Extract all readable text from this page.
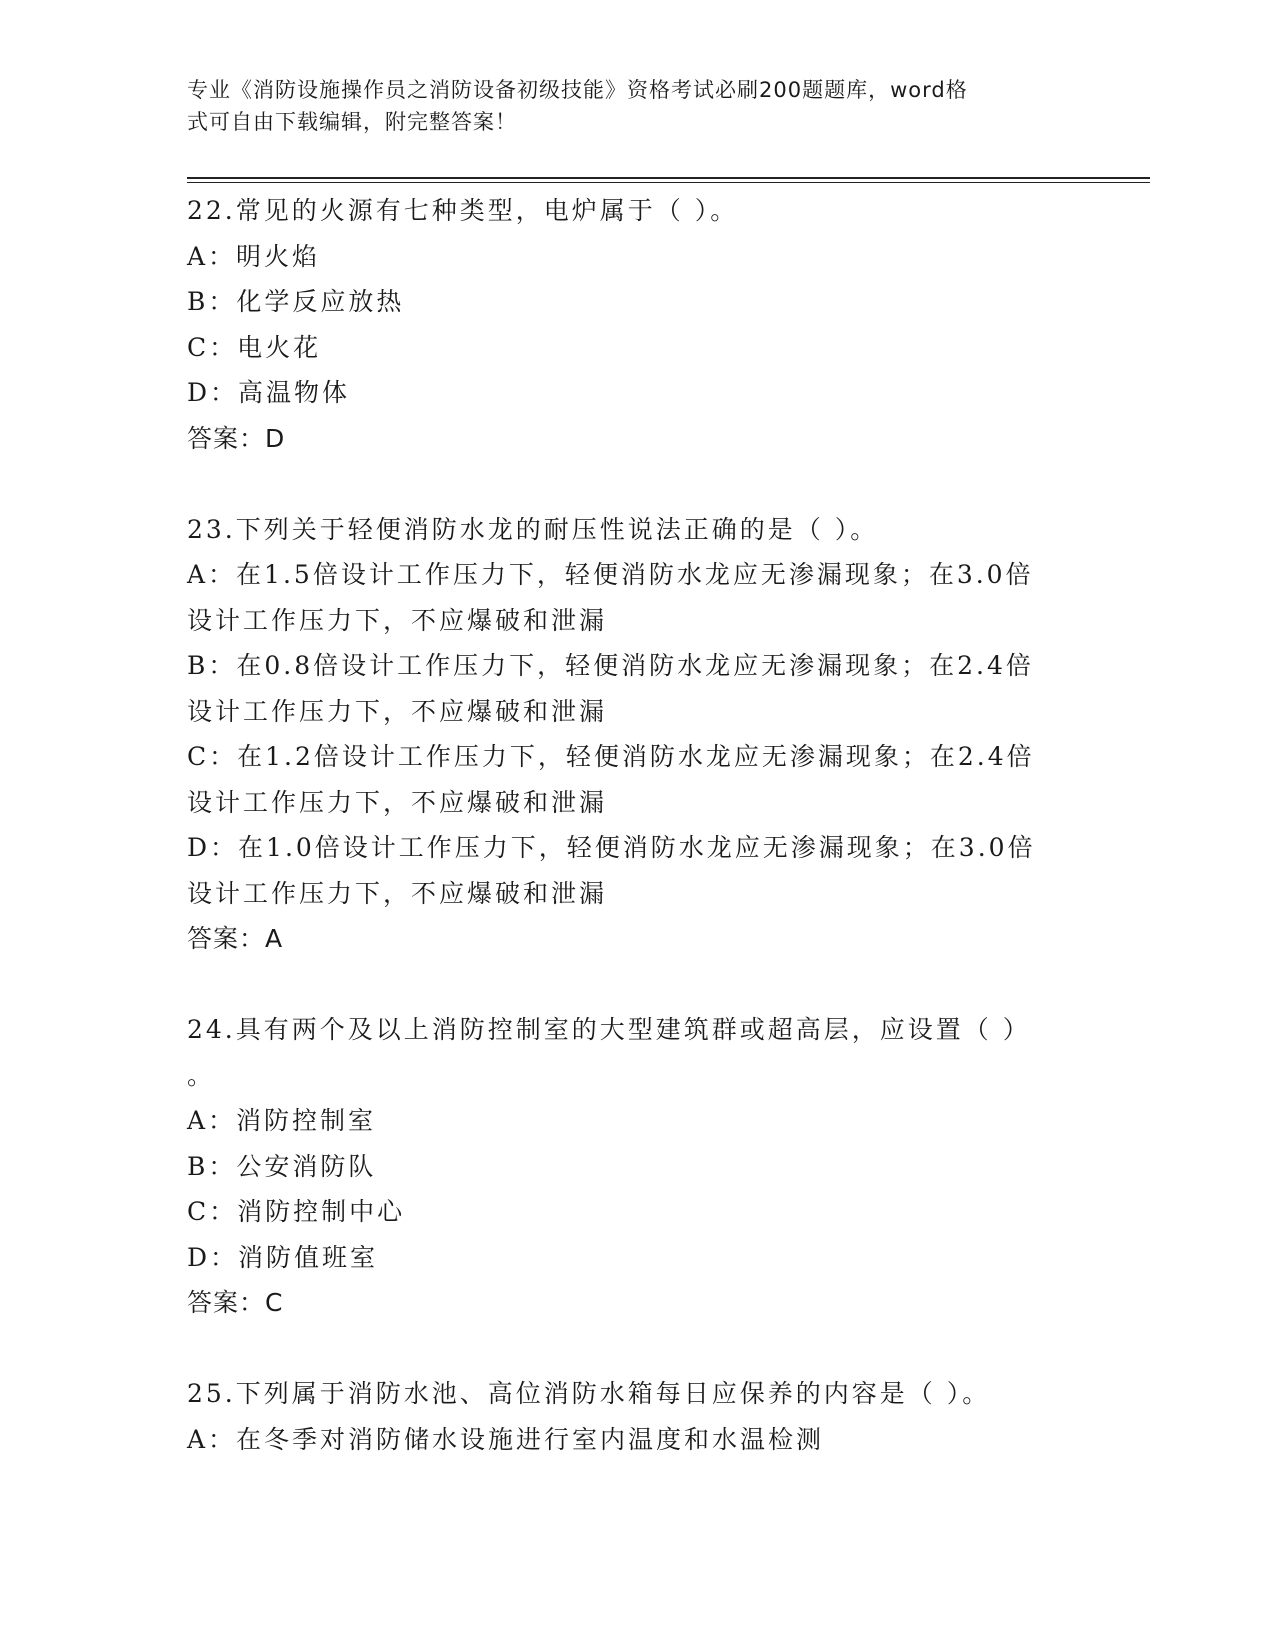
专业《消防设施操作员之消防设备初级技能》资格考试必刷200题题库，word格
式可自由下载编辑，附完整答案！
22.常见的火源有七种类型，电炉属于（ ）。
A：明火焰
B：化学反应放热
C：电火花
D：高温物体
答案：D
23.下列关于轻便消防水龙的耐压性说法正确的是（ ）。
A：在1.5倍设计工作压力下，轻便消防水龙应无渗漏现象；在3.0倍
设计工作压力下，不应爆破和泄漏
B：在0.8倍设计工作压力下，轻便消防水龙应无渗漏现象；在2.4倍
设计工作压力下，不应爆破和泄漏
C：在1.2倍设计工作压力下，轻便消防水龙应无渗漏现象；在2.4倍
设计工作压力下，不应爆破和泄漏
D：在1.0倍设计工作压力下，轻便消防水龙应无渗漏现象；在3.0倍
设计工作压力下，不应爆破和泄漏
答案：A
24.具有两个及以上消防控制室的大型建筑群或超高层，应设置（ ）
。
A：消防控制室
B：公安消防队
C：消防控制中心
D：消防值班室
答案：C
25.下列属于消防水池、高位消防水箱每日应保养的内容是（ ）。
A：在冬季对消防储水设施进行室内温度和水温检测
